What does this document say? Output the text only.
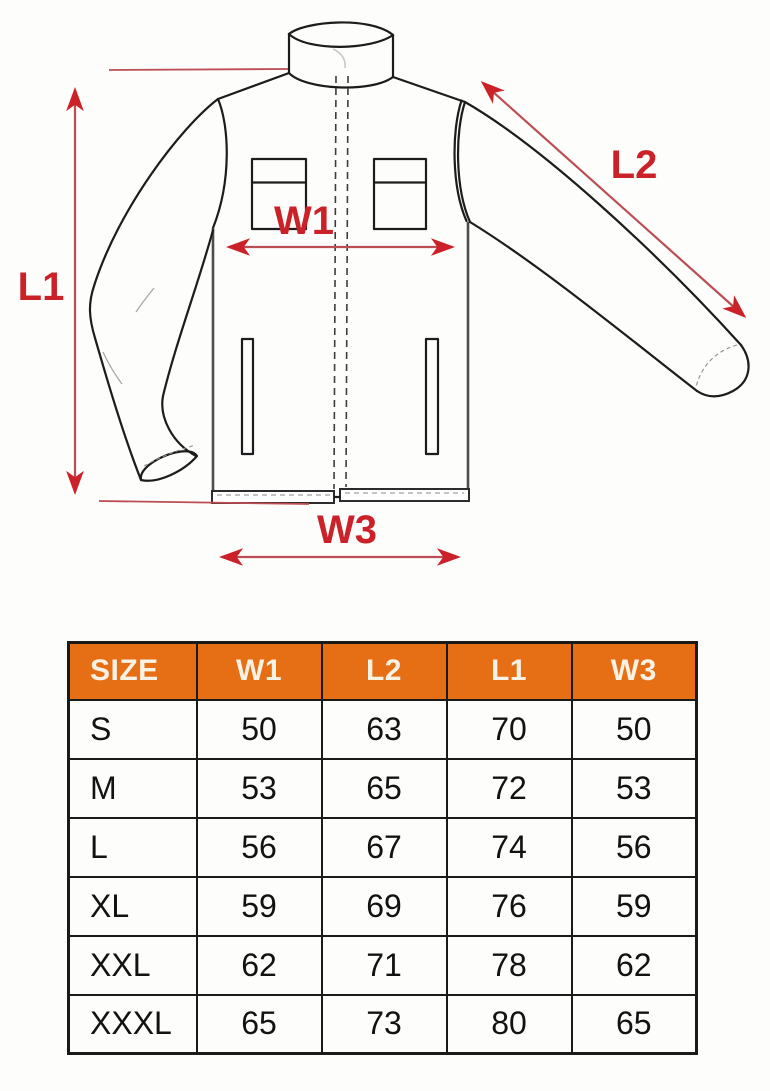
L1
W1
L2
W3
SIZE	W1	L2	L1	W3
S	50	63	70	50
M	53	65	72	53
L	56	67	74	56
XL	59	69	76	59
XXL	62	71	78	62
XXXL	65	73	80	65
